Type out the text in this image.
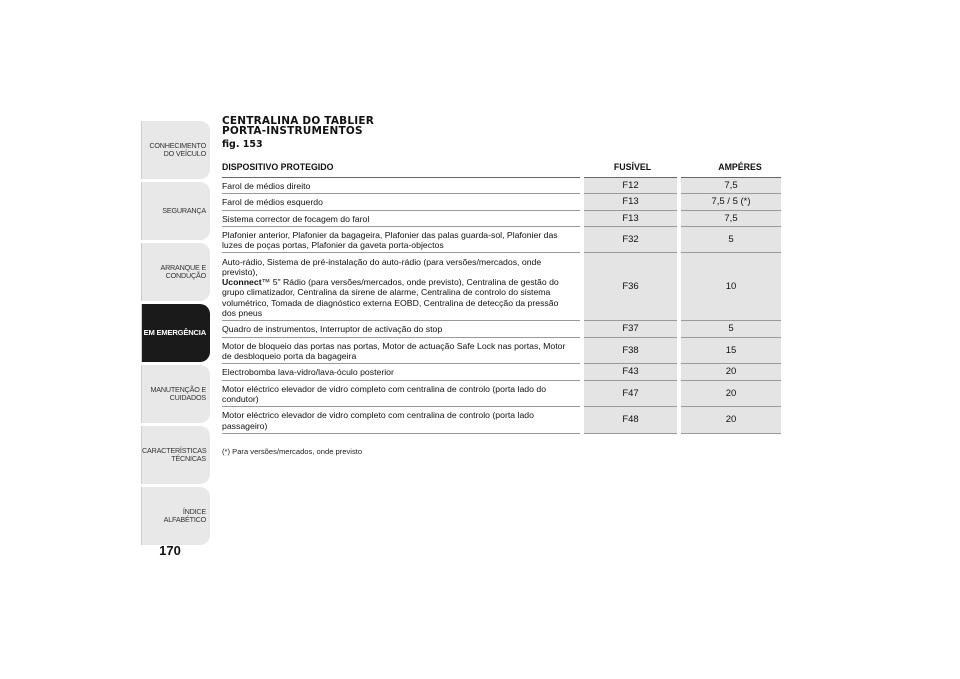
CONHECIMENTO DO VEÍCULO
SEGURANÇA
ARRANQUE E CONDUÇÃO
EM EMERGÊNCIA
MANUTENÇÃO E CUIDADOS
CARACTERÍSTICAS TÉCNICAS
ÍNDICE ALFABÉTICO
170
CENTRALINA DO TABLIER
PORTA-INSTRUMENTOS
fig. 153
DISPOSITIVO PROTEGIDO	FUSÍVEL	AMPÉRES
Farol de médios direito	F12	7,5
Farol de médios esquerdo	F13	7,5 / 5 (*)
Sistema corrector de focagem do farol	F13	7,5
Plafonier anterior, Plafonier da bagageira, Plafonier das palas guarda-sol, Plafonier das luzes de poças portas, Plafonier da gaveta porta-objectos	F32	5
Auto-rádio, Sistema de pré-instalação do auto-rádio (para versões/mercados, onde previsto),
Uconnect™ 5" Rádio (para versões/mercados, onde previsto), Centralina de gestão do grupo climatizador, Centralina da sirene de alarme, Centralina de controlo do sistema volumétrico, Tomada de diagnóstico externa EOBD, Centralina de detecção da pressão dos pneus	F36	10
Quadro de instrumentos, Interruptor de activação do stop	F37	5
Motor de bloqueio das portas nas portas, Motor de actuação Safe Lock nas portas, Motor de desbloqueio porta da bagageira	F38	15
Electrobomba lava-vidro/lava-óculo posterior	F43	20
Motor eléctrico elevador de vidro completo com centralina de controlo (porta lado do condutor)	F47	20
Motor eléctrico elevador de vidro completo com centralina de controlo (porta lado passageiro)	F48	20
(*) Para versões/mercados, onde previsto
